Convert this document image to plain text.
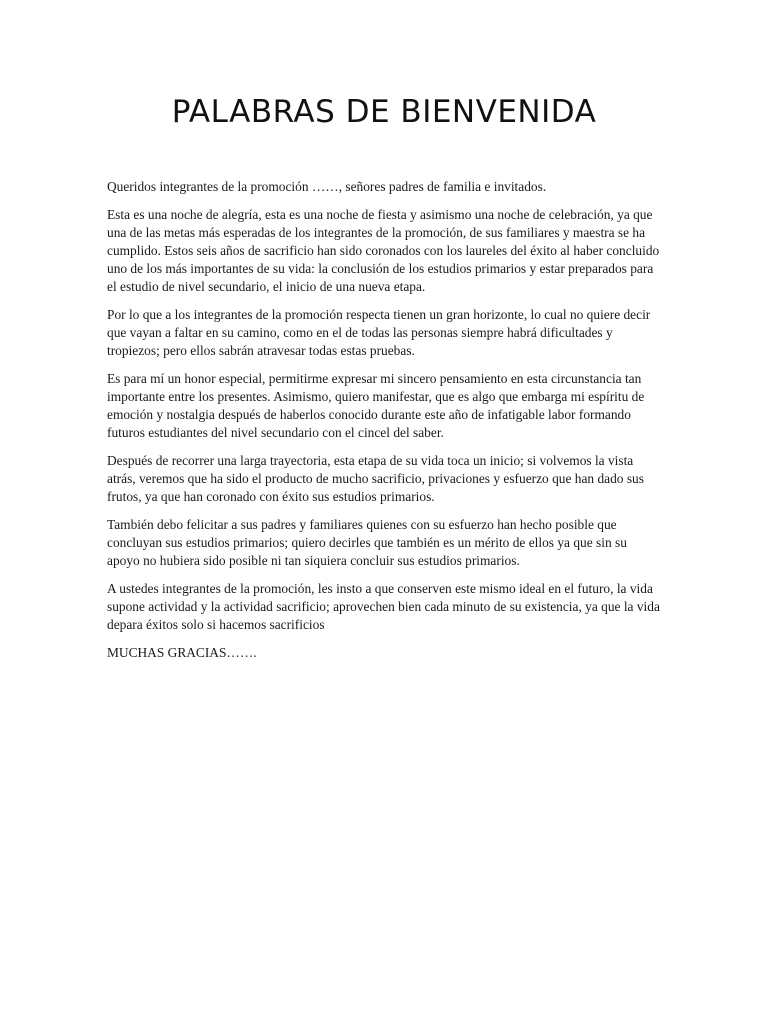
PALABRAS DE BIENVENIDA

Queridos integrantes de la promoción ……, señores padres de familia e invitados.

Esta es una noche de alegría, esta es una noche de fiesta y asimismo una noche de celebración, ya que una de las metas más esperadas de los integrantes de la promoción, de sus familiares y maestra se ha cumplido. Estos seis años de sacrificio han sido coronados con los laureles del éxito al haber concluido uno de los más importantes de su vida: la conclusión de los estudios primarios y estar preparados para el estudio de nivel secundario, el inicio de una nueva etapa.

Por lo que a los integrantes de la promoción respecta tienen un gran horizonte, lo cual no quiere decir que vayan a faltar en su camino, como en el de todas las personas siempre habrá dificultades y tropiezos; pero ellos sabrán atravesar todas estas pruebas.

Es para mí un honor especial, permitirme expresar mi sincero pensamiento en esta circunstancia tan importante entre los presentes. Asimismo, quiero manifestar, que es algo que embarga mi espíritu de emoción y nostalgia después de haberlos conocido durante este año de infatigable labor formando futuros estudiantes del nivel secundario con el cincel del saber.

Después de recorrer una larga trayectoria, esta etapa de su vida toca un inicio; si volvemos la vista atrás, veremos que ha sido el producto de mucho sacrificio, privaciones y esfuerzo que han dado sus frutos, ya que han coronado con éxito sus estudios primarios.

También debo felicitar a sus padres y familiares quienes con su esfuerzo han hecho posible que concluyan sus estudios primarios; quiero decirles que también es un mérito de ellos ya que sin su apoyo no hubiera sido posible ni tan siquiera concluir sus estudios primarios.

A ustedes integrantes de la promoción, les insto a que conserven este mismo ideal en el futuro, la vida supone actividad y la actividad sacrificio; aprovechen bien cada minuto de su existencia, ya que la vida depara éxitos solo si hacemos sacrificios

MUCHAS GRACIAS…….
